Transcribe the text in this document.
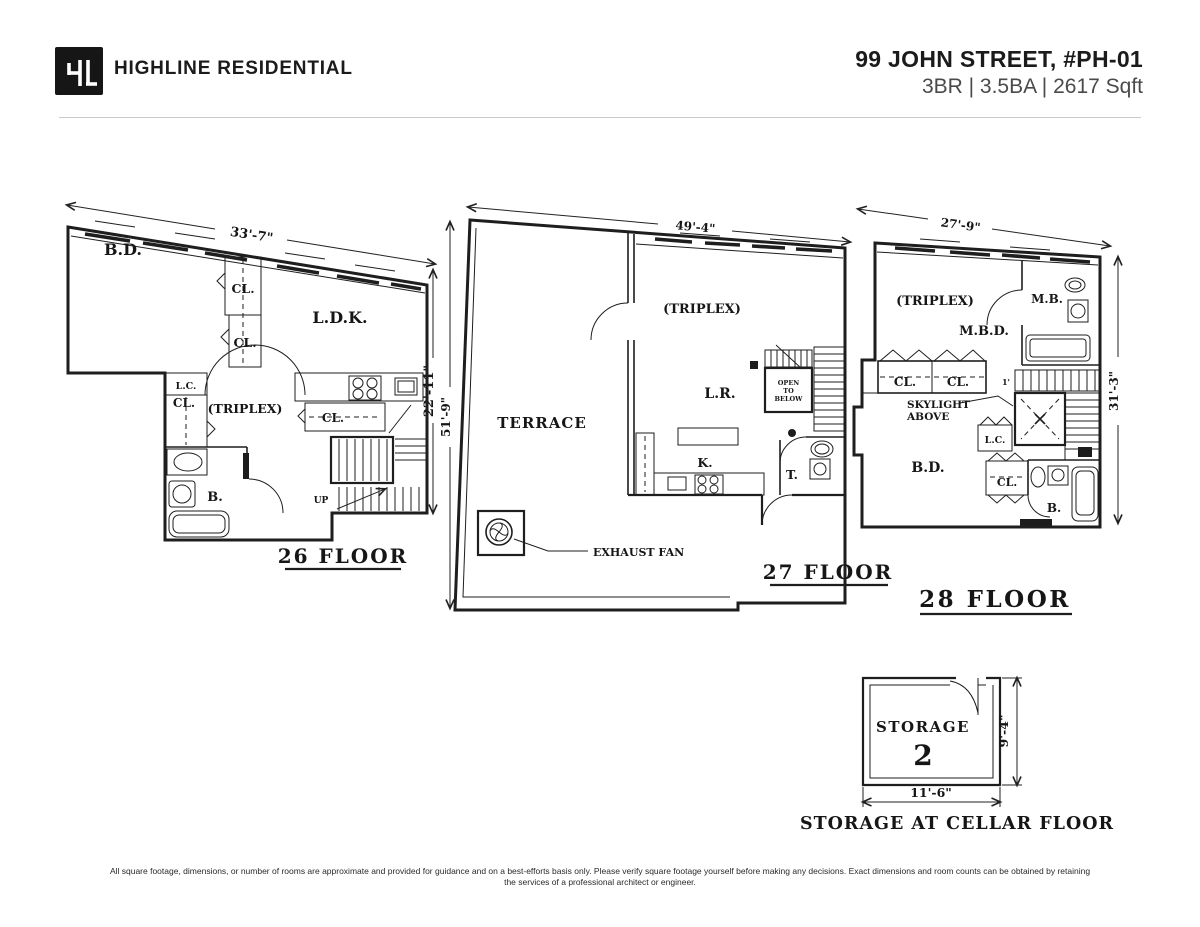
HIGHLINE RESIDENTIAL	99 JOHN STREET, #PH-01
3BR | 3.5BA | 2617 Sqft
33'-7"
22'-11"
UP
B.D.
L.D.K.
CL.
CL.
L.C.
CL. (TRIPLEX)
CL.
B.
26 FLOOR
49'-4"
51'-9"
OPEN
TO
BELOW
EXHAUST FAN
TERRACE
(TRIPLEX)
L.R.
K.
T.
27 FLOOR
27'-9"
31'-3"
(TRIPLEX)	M.B.
M.B.D.
CL.	CL.
SKYLIGHT
ABOVE
L.C.
1'
B.D.
CL.
B.
28 FLOOR
STORAGE
2
11'-6"
9'-4"
STORAGE AT CELLAR FLOOR
All square footage, dimensions, or number of rooms are approximate and provided for guidance and on a best-efforts basis only. Please verify square footage yourself before making any decisions. Exact dimensions and room counts can be obtained by retaining
the services of a professional architect or engineer.
